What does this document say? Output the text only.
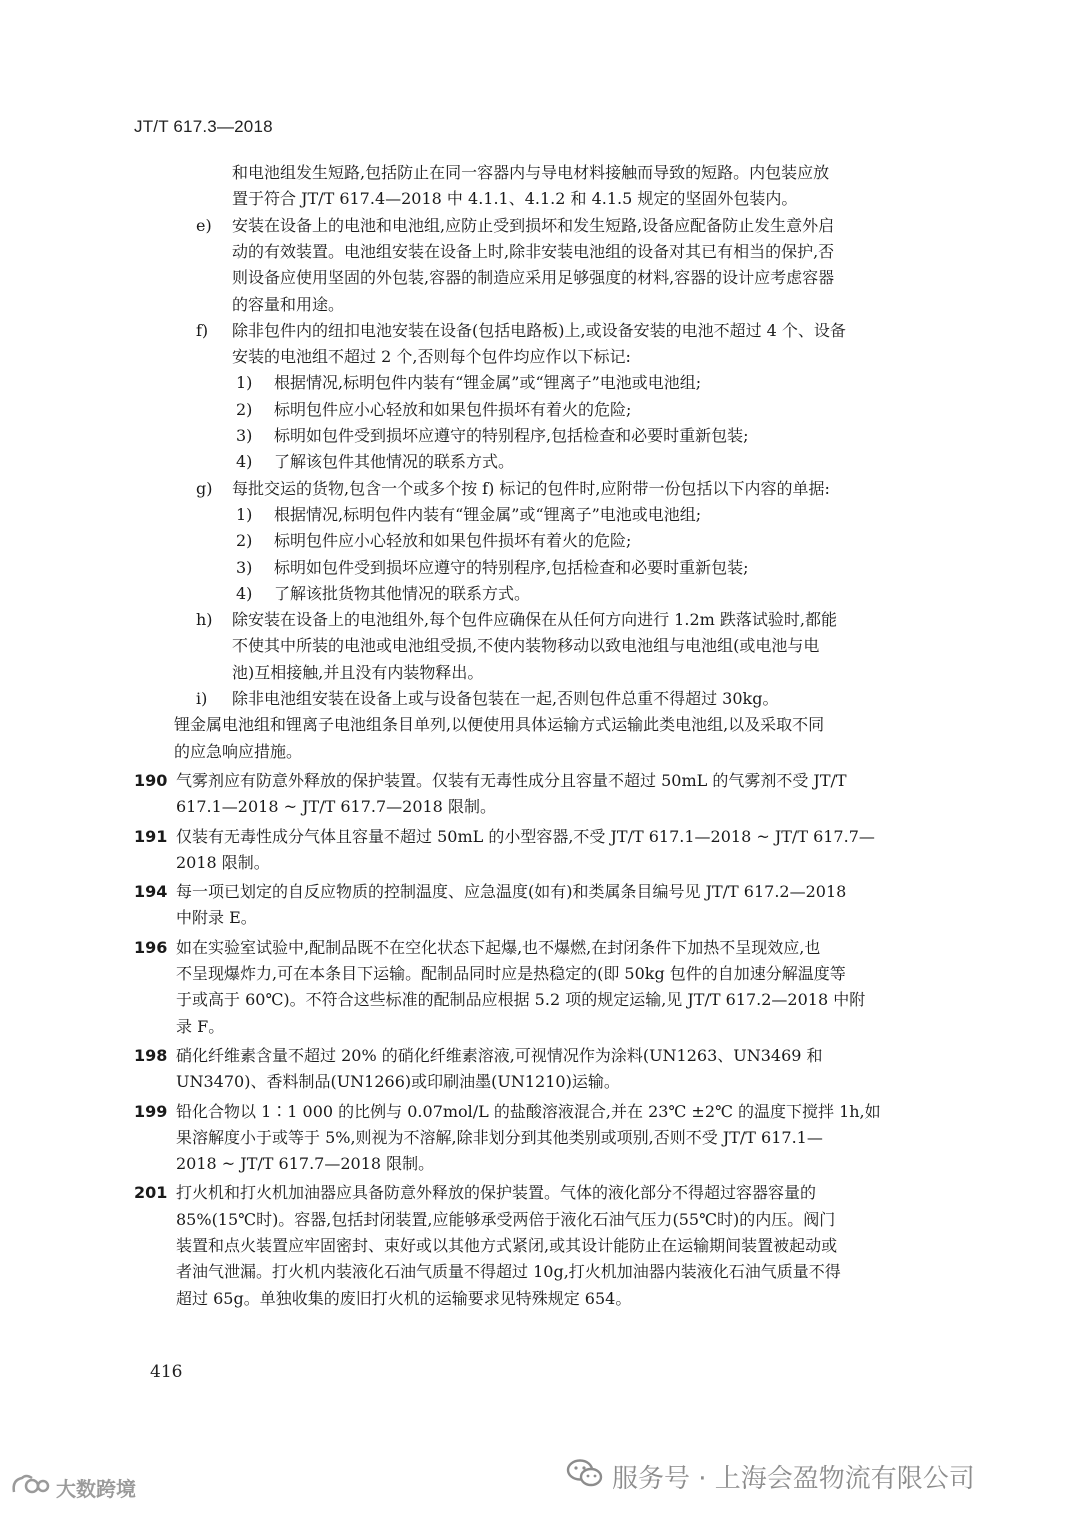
JT/T 617.3—2018
和电池组发生短路,包括防止在同一容器内与导电材料接触而导致的短路。内包装应放
置于符合 JT/T 617.4—2018 中 4.1.1、4.1.2 和 4.1.5 规定的坚固外包装内。
e) 安装在设备上的电池和电池组,应防止受到损坏和发生短路,设备应配备防止发生意外启
动的有效装置。电池组安装在设备上时,除非安装电池组的设备对其已有相当的保护,否
则设备应使用坚固的外包装,容器的制造应采用足够强度的材料,容器的设计应考虑容器
的容量和用途。
f) 除非包件内的纽扣电池安装在设备(包括电路板)上,或设备安装的电池不超过 4 个、设备
安装的电池组不超过 2 个,否则每个包件均应作以下标记:
1) 根据情况,标明包件内装有“锂金属”或“锂离子”电池或电池组;
2) 标明包件应小心轻放和如果包件损坏有着火的危险;
3) 标明如包件受到损坏应遵守的特别程序,包括检查和必要时重新包装;
4) 了解该包件其他情况的联系方式。
g) 每批交运的货物,包含一个或多个按 f) 标记的包件时,应附带一份包括以下内容的单据:
1) 根据情况,标明包件内装有“锂金属”或“锂离子”电池或电池组;
2) 标明包件应小心轻放和如果包件损坏有着火的危险;
3) 标明如包件受到损坏应遵守的特别程序,包括检查和必要时重新包装;
4) 了解该批货物其他情况的联系方式。
h) 除安装在设备上的电池组外,每个包件应确保在从任何方向进行 1.2m 跌落试验时,都能
不使其中所装的电池或电池组受损,不使内装物移动以致电池组与电池组(或电池与电
池)互相接触,并且没有内装物释出。
i) 除非电池组安装在设备上或与设备包装在一起,否则包件总重不得超过 30kg。
锂金属电池组和锂离子电池组条目单列,以便使用具体运输方式运输此类电池组,以及采取不同
的应急响应措施。
190 气雾剂应有防意外释放的保护装置。仅装有无毒性成分且容量不超过 50mL 的气雾剂不受 JT/T
617.1—2018 ~ JT/T 617.7—2018 限制。
191 仅装有无毒性成分气体且容量不超过 50mL 的小型容器,不受 JT/T 617.1—2018 ~ JT/T 617.7—
2018 限制。
194 每一项已划定的自反应物质的控制温度、应急温度(如有)和类属条目编号见 JT/T 617.2—2018
中附录 E。
196 如在实验室试验中,配制品既不在空化状态下起爆,也不爆燃,在封闭条件下加热不呈现效应,也
不呈现爆炸力,可在本条目下运输。配制品同时应是热稳定的(即 50kg 包件的自加速分解温度等
于或高于 60℃)。不符合这些标准的配制品应根据 5.2 项的规定运输,见 JT/T 617.2—2018 中附
录 F。
198 硝化纤维素含量不超过 20% 的硝化纤维素溶液,可视情况作为涂料(UN1263、UN3469 和
UN3470)、香料制品(UN1266)或印刷油墨(UN1210)运输。
199 铅化合物以 1∶1 000 的比例与 0.07mol/L 的盐酸溶液混合,并在 23℃ ±2℃ 的温度下搅拌 1h,如
果溶解度小于或等于 5%,则视为不溶解,除非划分到其他类别或项别,否则不受 JT/T 617.1—
2018 ~ JT/T 617.7—2018 限制。
201 打火机和打火机加油器应具备防意外释放的保护装置。气体的液化部分不得超过容器容量的
85%(15℃时)。容器,包括封闭装置,应能够承受两倍于液化石油气压力(55℃时)的内压。阀门
装置和点火装置应牢固密封、束好或以其他方式紧闭,或其设计能防止在运输期间装置被起动或
者油气泄漏。打火机内装液化石油气质量不得超过 10g,打火机加油器内装液化石油气质量不得
超过 65g。单独收集的废旧打火机的运输要求见特殊规定 654。
416
大数跨境	服务号 · 上海会盈物流有限公司
